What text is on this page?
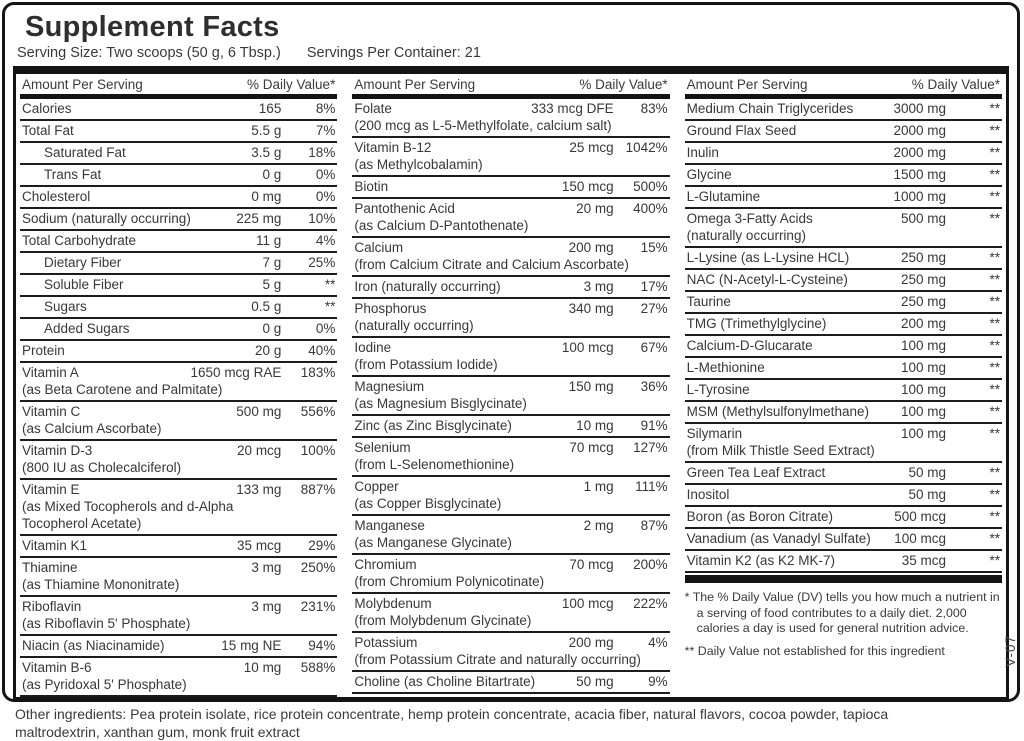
Supplement Facts
Serving Size: Two scoops (50 g, 6 Tbsp.) Servings Per Container: 21
Amount Per Serving	% Daily Value*
Calories	165	8%
Total Fat	5.5 g	7%
Saturated Fat	3.5 g	18%
Trans Fat	0 g	0%
Cholesterol	0 mg	0%
Sodium (naturally occurring)	225 mg	10%
Total Carbohydrate	11 g	4%
Dietary Fiber	7 g	25%
Soluble Fiber	5 g	**
Sugars	0.5 g	**
Added Sugars	0 g	0%
Protein	20 g	40%
Vitamin A	1650 mcg RAE	183%
(as Beta Carotene and Palmitate)
Vitamin C	500 mg	556%
(as Calcium Ascorbate)
Vitamin D-3	20 mcg	100%
(800 IU as Cholecalciferol)
Vitamin E	133 mg	887%
(as Mixed Tocopherols and d-Alpha
Tocopherol Acetate)
Vitamin K1	35 mcg	29%
Thiamine	3 mg	250%
(as Thiamine Mononitrate)
Riboflavin	3 mg	231%
(as Riboflavin 5' Phosphate)
Niacin (as Niacinamide)	15 mg NE	94%
Vitamin B-6	10 mg	588%
(as Pyridoxal 5' Phosphate)
Amount Per Serving	% Daily Value*
Folate	333 mcg DFE	83%
(200 mcg as L-5-Methylfolate, calcium salt)
Vitamin B-12	25 mcg 1042%
(as Methylcobalamin)
Biotin	150 mcg	500%
Pantothenic Acid	20 mg	400%
(as Calcium D-Pantothenate)
Calcium	200 mg	15%
(from Calcium Citrate and Calcium Ascorbate)
Iron (naturally occurring)	3 mg	17%
Phosphorus	340 mg	27%
(naturally occurring)
Iodine	100 mcg	67%
(from Potassium Iodide)
Magnesium	150 mg	36%
(as Magnesium Bisglycinate)
Zinc (as Zinc Bisglycinate)	10 mg	91%
Selenium	70 mcg	127%
(from L-Selenomethionine)
Copper	1 mg	111%
(as Copper Bisglycinate)
Manganese	2 mg	87%
(as Manganese Glycinate)
Chromium	70 mcg	200%
(from Chromium Polynicotinate)
Molybdenum	100 mcg	222%
(from Molybdenum Glycinate)
Potassium	200 mg	4%
(from Potassium Citrate and naturally occurring)
Choline (as Choline Bitartrate)	50 mg	9%
Amount Per Serving	% Daily Value*
Medium Chain Triglycerides	3000 mg	**
Ground Flax Seed	2000 mg	**
Inulin	2000 mg	**
Glycine	1500 mg	**
L-Glutamine	1000 mg	**
Omega 3-Fatty Acids	500 mg	**
(naturally occurring)
L-Lysine (as L-Lysine HCL)	250 mg	**
NAC (N-Acetyl-L-Cysteine)	250 mg	**
Taurine	250 mg	**
TMG (Trimethylglycine)	200 mg	**
Calcium-D-Glucarate	100 mg	**
L-Methionine	100 mg	**
L-Tyrosine	100 mg	**
MSM (Methylsulfonylmethane)	100 mg	**
Silymarin	100 mg	**
(from Milk Thistle Seed Extract)
Green Tea Leaf Extract	50 mg	**
Inositol	50 mg	**
Boron (as Boron Citrate)	500 mcg	**
Vanadium (as Vanadyl Sulfate)	100 mcg	**
Vitamin K2 (as K2 MK-7)	35 mcg	**
* The % Daily Value (DV) tells you how much a nutrient in a serving of food contributes to a daily diet. 2,000 calories a day is used for general nutrition advice.
** Daily Value not established for this ingredient

Other ingredients: Pea protein isolate, rice protein concentrate, hemp protein concentrate, acacia fiber, natural flavors, cocoa powder, tapioca maltrodextrin, xanthan gum, monk fruit extract

V-07
